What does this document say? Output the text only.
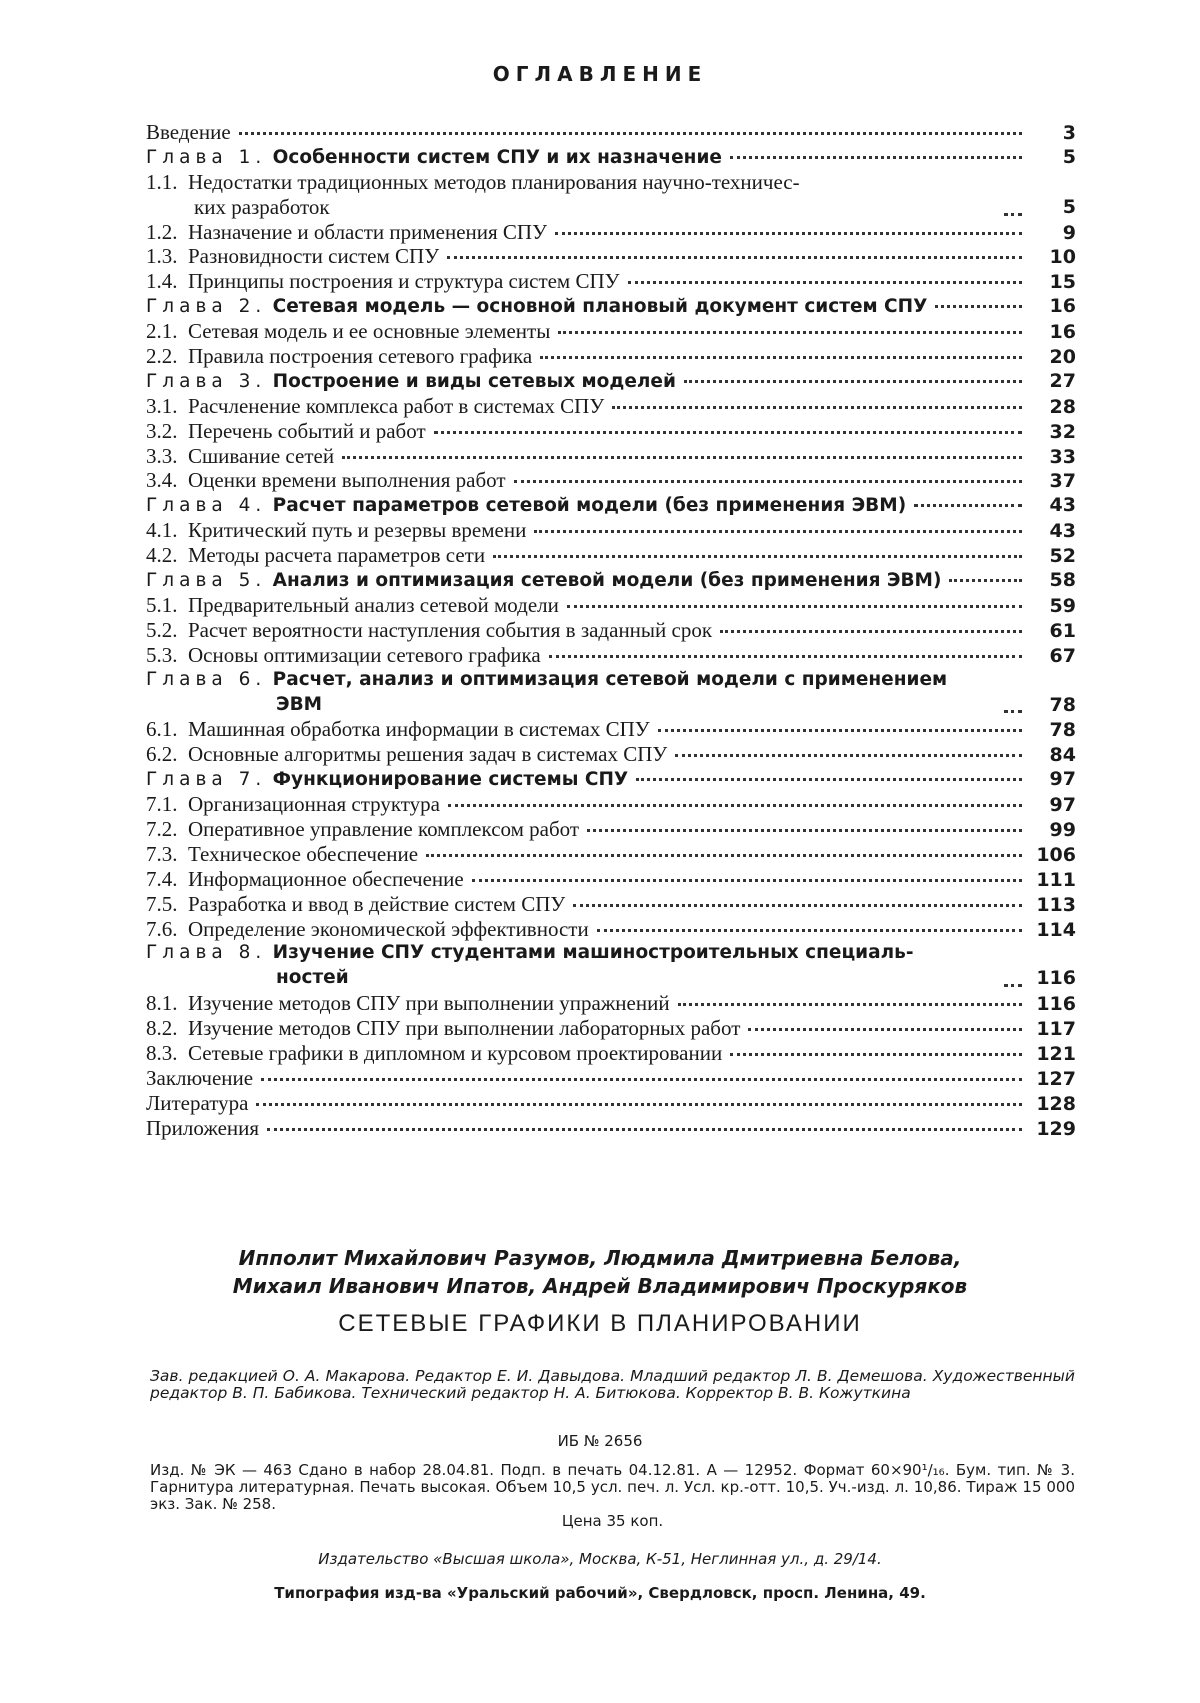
ОГЛАВЛЕНИЕ
Введение	3
Глава 1. Особенности систем СПУ и их назначение	5
1.1. Недостатки традиционных методов планирования научно-техничес-
ких разработок	5
1.2. Назначение и области применения СПУ	9
1.3. Разновидности систем СПУ	10
1.4. Принципы построения и структура систем СПУ	15
Глава 2. Сетевая модель — основной плановый документ систем СПУ	16
2.1. Сетевая модель и ее основные элементы	16
2.2. Правила построения сетевого графика	20
Глава 3. Построение и виды сетевых моделей	27
3.1. Расчленение комплекса работ в системах СПУ	28
3.2. Перечень событий и работ	32
3.3. Сшивание сетей	33
3.4. Оценки времени выполнения работ	37
Глава 4. Расчет параметров сетевой модели (без применения ЭВМ)	43
4.1. Критический путь и резервы времени	43
4.2. Методы расчета параметров сети	52
Глава 5. Анализ и оптимизация сетевой модели (без применения ЭВМ)	58
5.1. Предварительный анализ сетевой модели	59
5.2. Расчет вероятности наступления события в заданный срок	61
5.3. Основы оптимизации сетевого графика	67
Глава 6. Расчет, анализ и оптимизация сетевой модели с применением
ЭВМ	78
6.1. Машинная обработка информации в системах СПУ	78
6.2. Основные алгоритмы решения задач в системах СПУ	84
Глава 7. Функционирование системы СПУ	97
7.1. Организационная структура	97
7.2. Оперативное управление комплексом работ	99
7.3. Техническое обеспечение	106
7.4. Информационное обеспечение	111
7.5. Разработка и ввод в действие систем СПУ	113
7.6. Определение экономической эффективности	114
Глава 8. Изучение СПУ студентами машиностроительных специаль-
ностей	116
8.1. Изучение методов СПУ при выполнении упражнений	116
8.2. Изучение методов СПУ при выполнении лабораторных работ	117
8.3. Сетевые графики в дипломном и курсовом проектировании	121
Заключение	127
Литература	128
Приложения	129
Ипполит Михайлович Разумов, Людмила Дмитриевна Белова,
Михаил Иванович Ипатов, Андрей Владимирович Проскуряков
СЕТЕВЫЕ ГРАФИКИ В ПЛАНИРОВАНИИ
Зав. редакцией О. А. Макарова. Редактор Е. И. Давыдова. Младший редактор Л. В. Демешова. Художественный редактор В. П. Бабикова. Технический редактор Н. А. Битюкова. Корректор В. В. Кожуткина
ИБ № 2656
Изд. № ЭК — 463 Сдано в набор 28.04.81. Подп. в печать 04.12.81. А — 12952. Формат 60×90¹/₁₆. Бум. тип. № 3. Гарнитура литературная. Печать высокая. Объем 10,5 усл. печ. л. Усл. кр.-отт. 10,5. Уч.-изд. л. 10,86. Тираж 15 000 экз. Зак. № 258.
Цена 35 коп.
Издательство «Высшая школа», Москва, К-51, Неглинная ул., д. 29/14.
Типография изд-ва «Уральский рабочий», Свердловск, просп. Ленина, 49.
